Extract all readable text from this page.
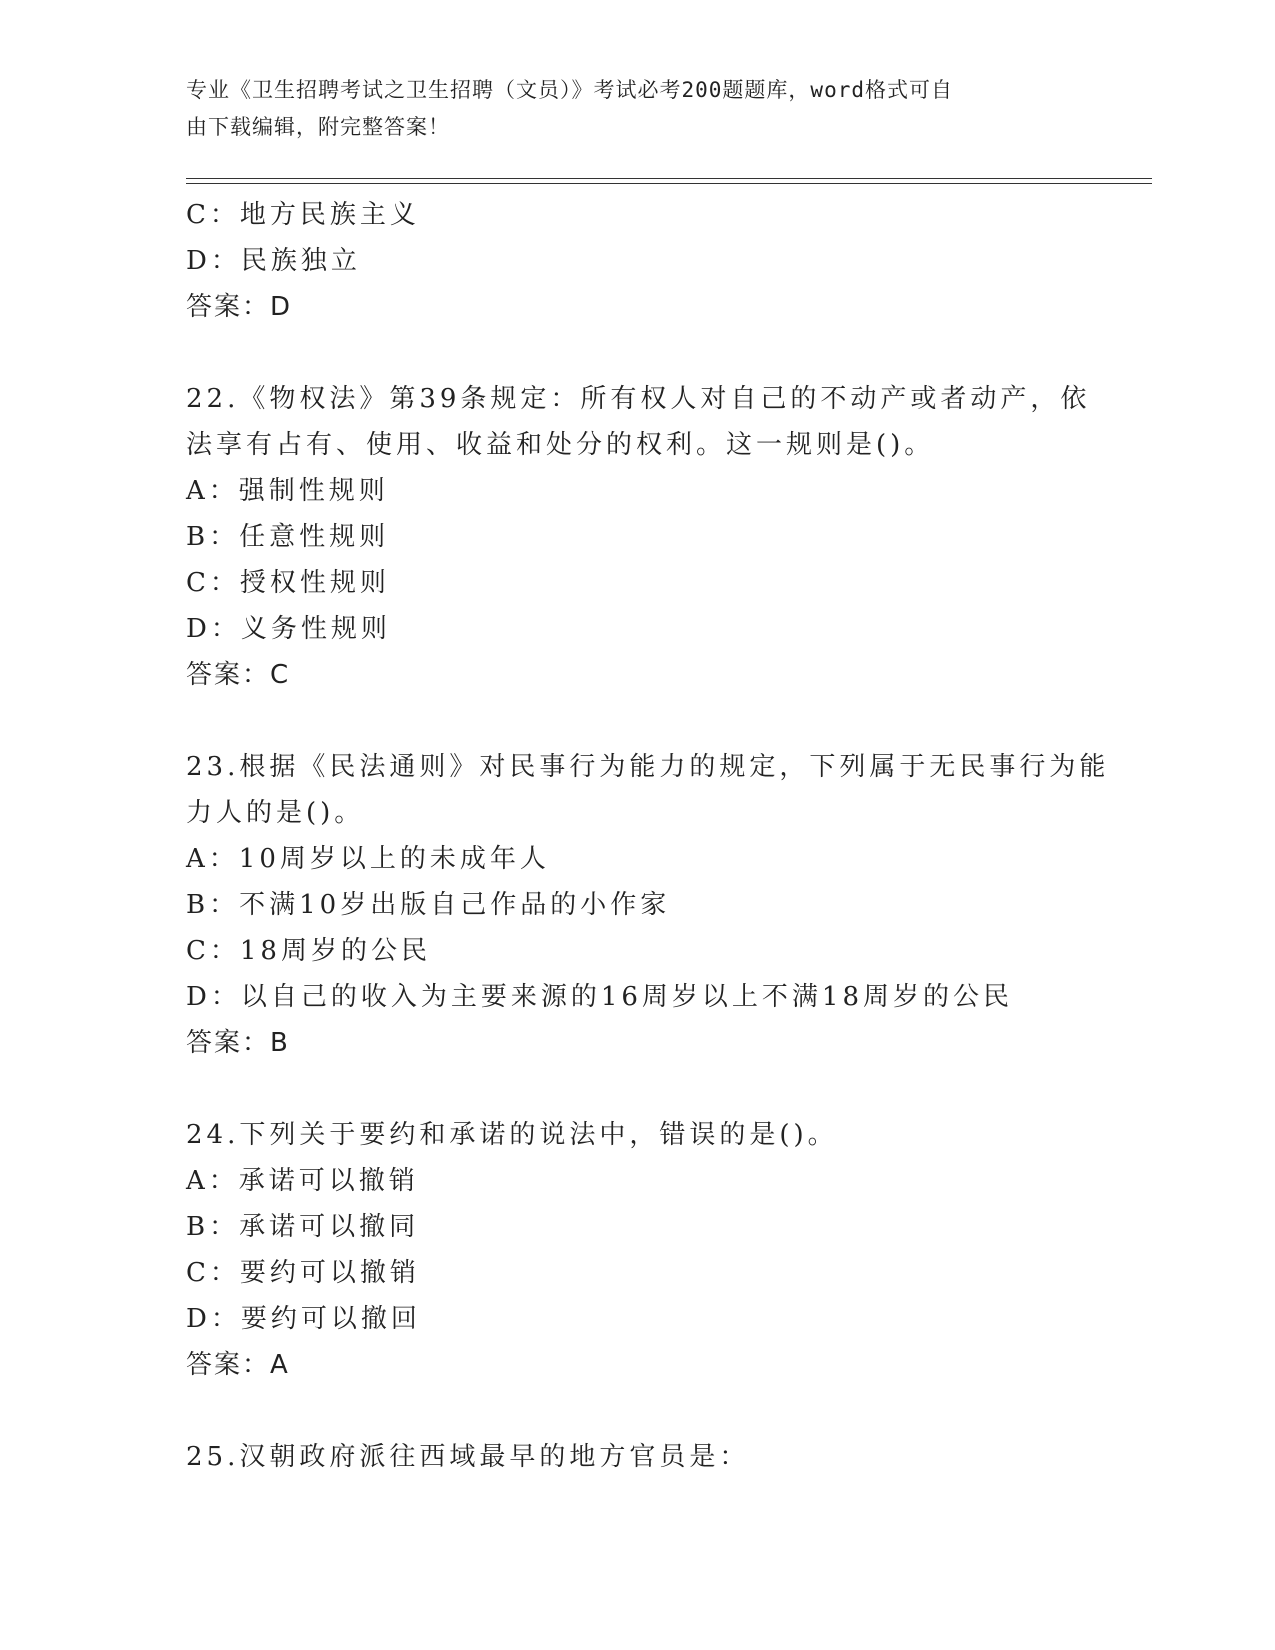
专业《卫生招聘考试之卫生招聘（文员）》考试必考200题题库，word格式可自
由下载编辑，附完整答案！
C：地方民族主义
D：民族独立
答案：D
22.《物权法》第39条规定：所有权人对自己的不动产或者动产，依
法享有占有、使用、收益和处分的权利。这一规则是()。
A：强制性规则
B：任意性规则
C：授权性规则
D：义务性规则
答案：C
23.根据《民法通则》对民事行为能力的规定，下列属于无民事行为能
力人的是()。
A：10周岁以上的未成年人
B：不满10岁出版自己作品的小作家
C：18周岁的公民
D：以自己的收入为主要来源的16周岁以上不满18周岁的公民
答案：B
24.下列关于要约和承诺的说法中，错误的是()。
A：承诺可以撤销
B：承诺可以撤同
C：要约可以撤销
D：要约可以撤回
答案：A
25.汉朝政府派往西域最早的地方官员是：
